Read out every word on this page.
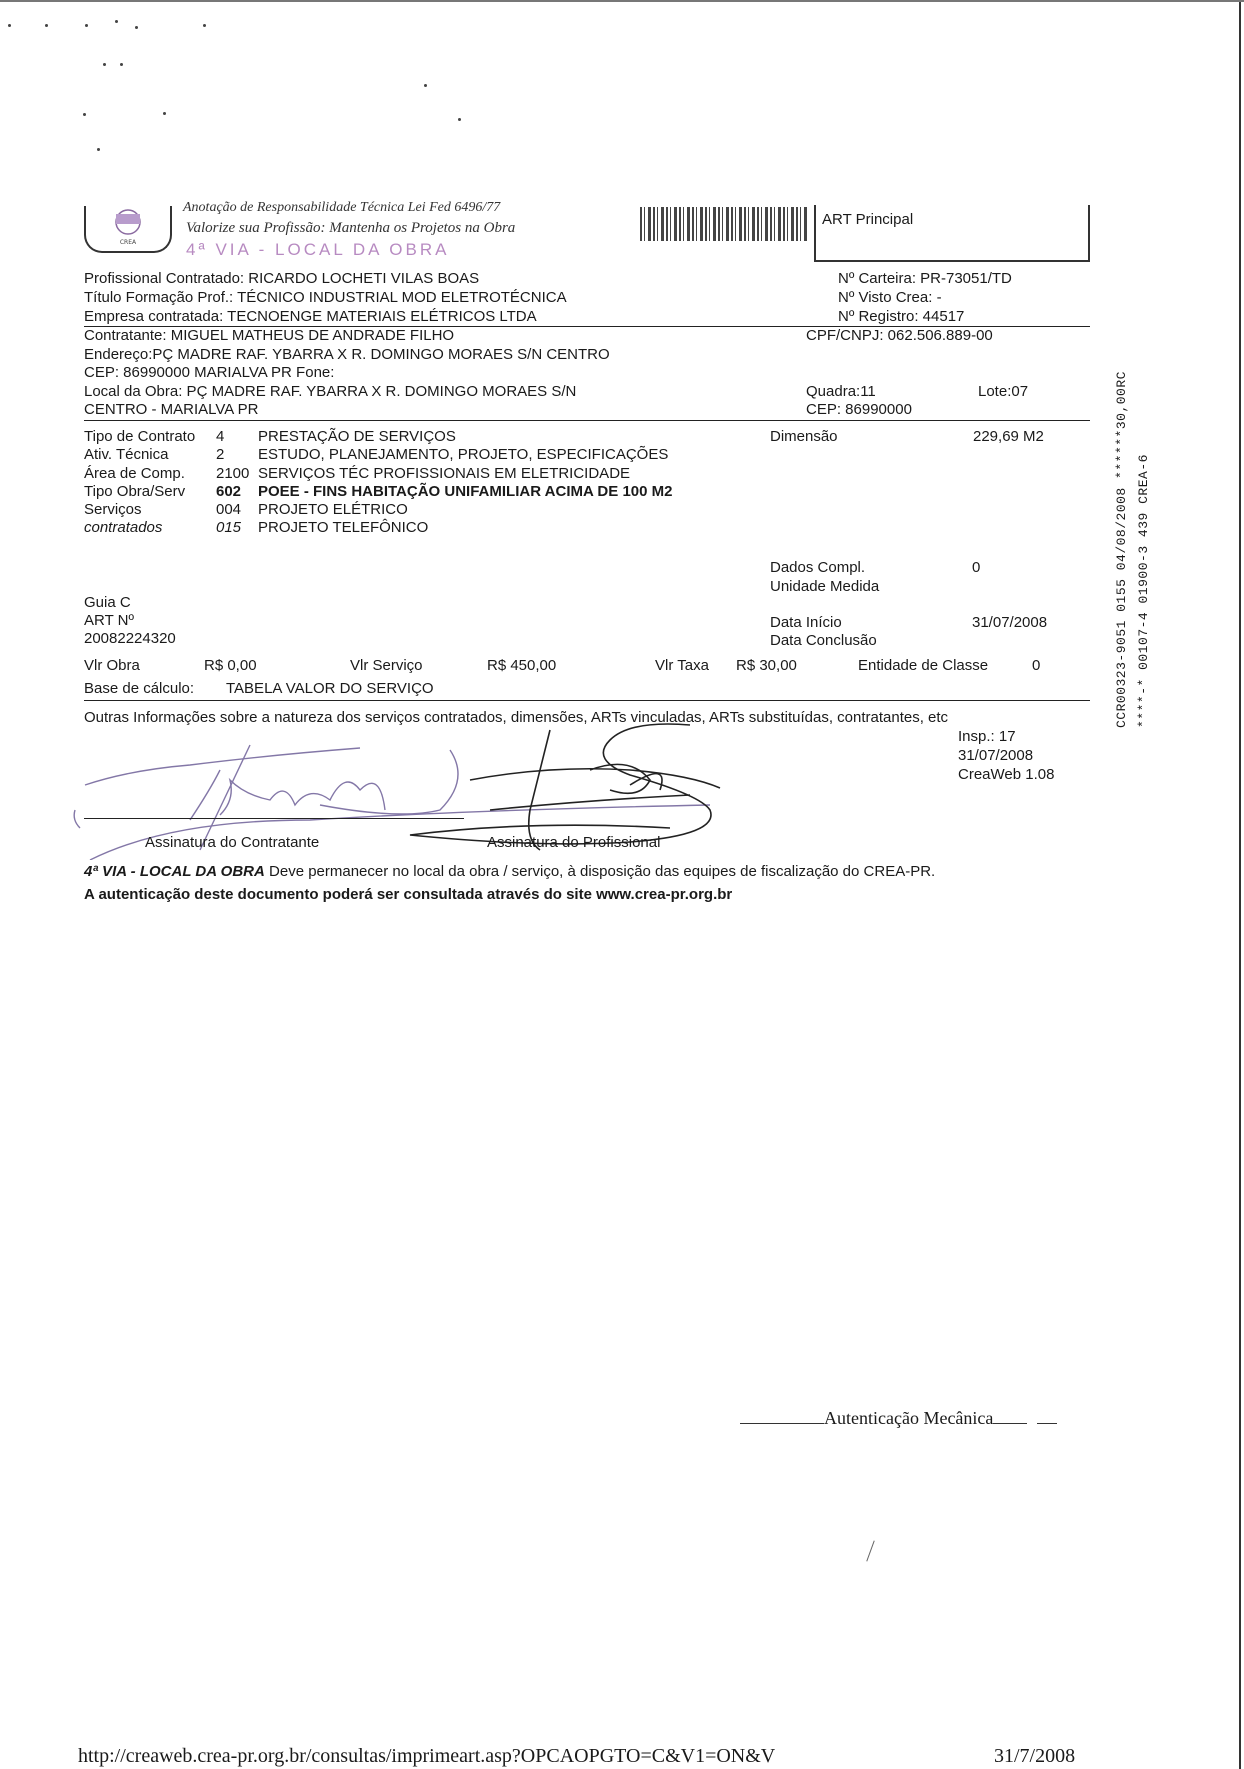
CREA
Anotação de Responsabilidade Técnica Lei Fed 6496/77
Valorize sua Profissão: Mantenha os Projetos na Obra
4ª VIA - LOCAL DA OBRA
ART Principal
Profissional Contratado: RICARDO LOCHETI VILAS BOAS
Título Formação Prof.: TÉCNICO INDUSTRIAL MOD ELETROTÉCNICA
Empresa contratada: TECNOENGE MATERIAIS ELÉTRICOS LTDA
Nº Carteira: PR-73051/TD
Nº Visto Crea: -
Nº Registro: 44517
Contratante: MIGUEL MATHEUS DE ANDRADE FILHO	CPF/CNPJ: 062.506.889-00
Endereço:PÇ MADRE RAF. YBARRA X R. DOMINGO MORAES S/N CENTRO
CEP: 86990000 MARIALVA PR Fone:
Local da Obra: PÇ MADRE RAF. YBARRA X R. DOMINGO MORAES S/N
CENTRO - MARIALVA PR
Quadra:11	Lote:07
CEP: 86990000
Tipo de Contrato 4 PRESTAÇÃO DE SERVIÇOS
Ativ. Técnica	2 ESTUDO, PLANEJAMENTO, PROJETO, ESPECIFICAÇÕES
Área de Comp. 2100 SERVIÇOS TÉC PROFISSIONAIS EM ELETRICIDADE
Tipo Obra/Serv 602 POEE - FINS HABITAÇÃO UNIFAMILIAR ACIMA DE 100 M2
Serviços	004 PROJETO ELÉTRICO
contratados	015 PROJETO TELEFÔNICO
Dimensão	229,69 M2
Dados Compl.	0
Unidade Medida
Guia C
ART Nº
20082224320
Data Início	31/07/2008
Data Conclusão
Vlr Obra	R$ 0,00	Vlr Serviço	R$ 450,00	Vlr Taxa R$ 30,00	Entidade de Classe	0
Base de cálculo: TABELA VALOR DO SERVIÇO
Outras Informações sobre a natureza dos serviços contratados, dimensões, ARTs vinculadas, ARTs substituídas, contratantes, etc
Insp.: 17
31/07/2008
CreaWeb 1.08
Assinatura do Contratante	Assinatura do Profissional
4ª VIA - LOCAL DA OBRA Deve permanecer no local da obra / serviço, à disposição das equipes de fiscalização do CREA-PR.
A autenticação deste documento poderá ser consultada através do site www.crea-pr.org.br
CCR00323-9051 0155 04/08/2008 ******30,00RC ****-* 00107-4 01900-3 439 CREA-6
Autenticação Mecânica
http://creaweb.crea-pr.org.br/consultas/imprimeart.asp?OPCAOPGTO=C&V1=ON&V	31/7/2008
